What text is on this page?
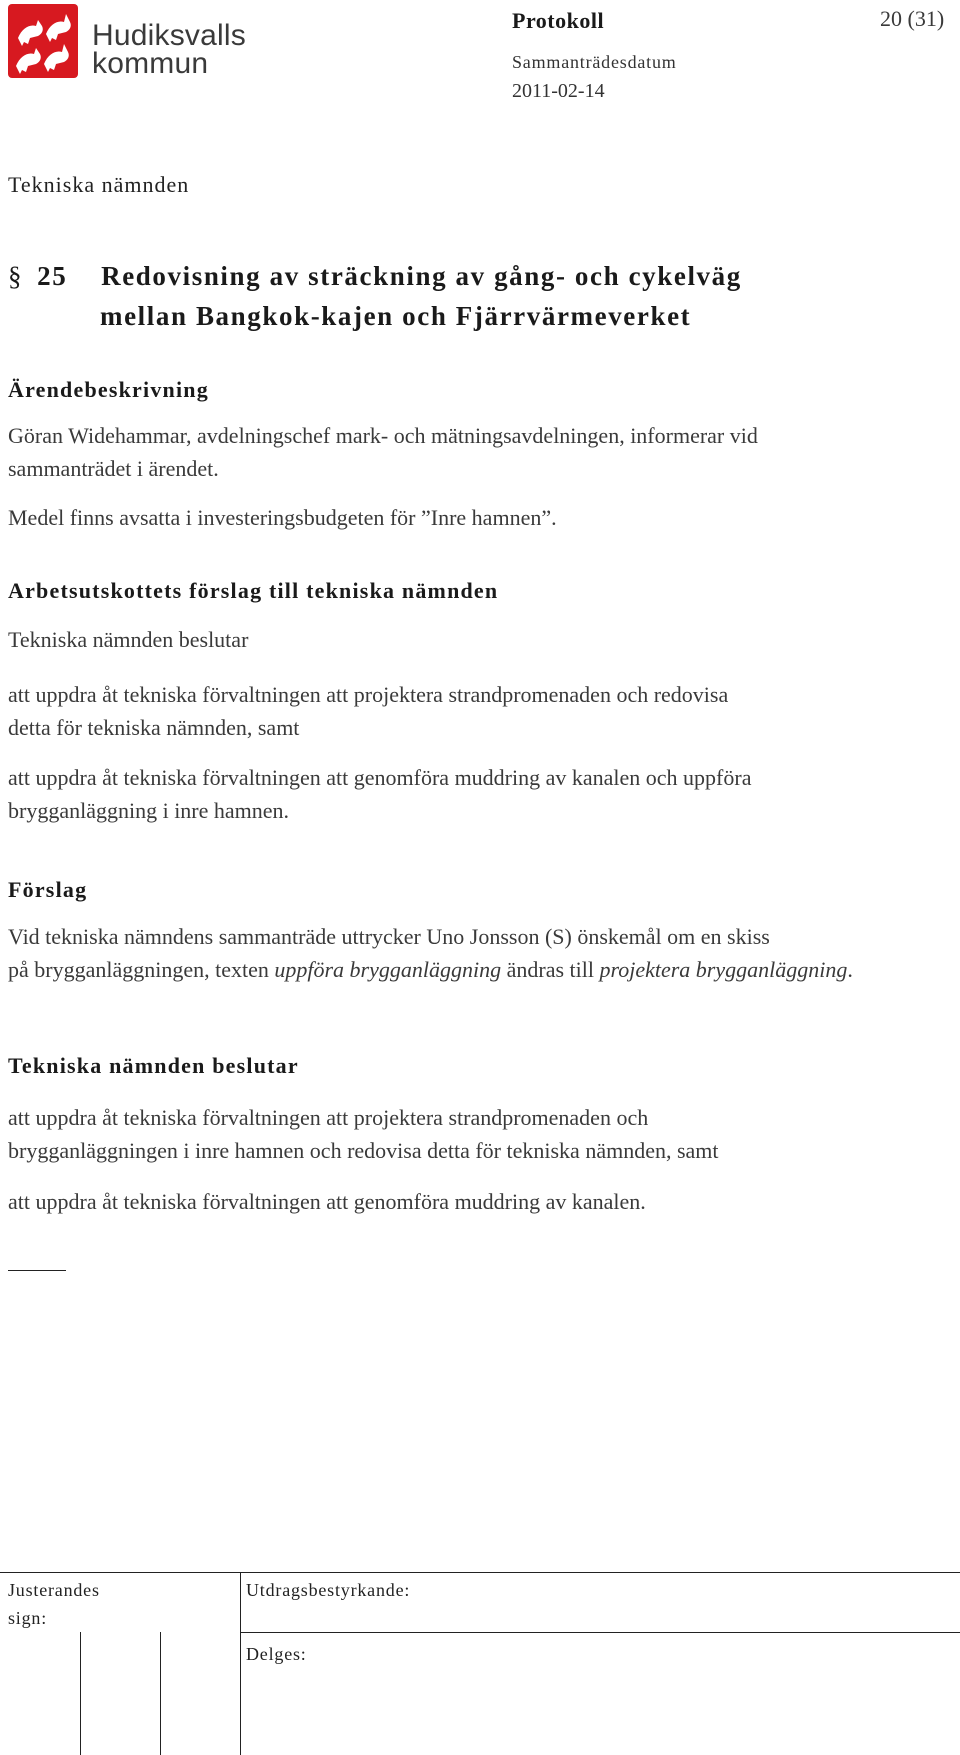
Hudiksvalls
kommun
Protokoll	20 (31)
Sammanträdesdatum
2011-02-14
Tekniska nämnden
§ 25 Redovisning av sträckning av gång- och cykelväg
mellan Bangkok-kajen och Fjärrvärmeverket
Ärendebeskrivning
Göran Widehammar, avdelningschef mark- och mätningsavdelningen, informerar vid
sammanträdet i ärendet.
Medel finns avsatta i investeringsbudgeten för ”Inre hamnen”.
Arbetsutskottets förslag till tekniska nämnden
Tekniska nämnden beslutar
att uppdra åt tekniska förvaltningen att projektera strandpromenaden och redovisa
detta för tekniska nämnden, samt
att uppdra åt tekniska förvaltningen att genomföra muddring av kanalen och uppföra
brygganläggning i inre hamnen.
Förslag
Vid tekniska nämndens sammanträde uttrycker Uno Jonsson (S) önskemål om en skiss
på brygganläggningen, texten uppföra brygganläggning ändras till projektera brygganläggning.
Tekniska nämnden beslutar
att uppdra åt tekniska förvaltningen att projektera strandpromenaden och
brygganläggningen i inre hamnen och redovisa detta för tekniska nämnden, samt
att uppdra åt tekniska förvaltningen att genomföra muddring av kanalen.
Justerandes
sign:
Utdragsbestyrkande:
Delges:
